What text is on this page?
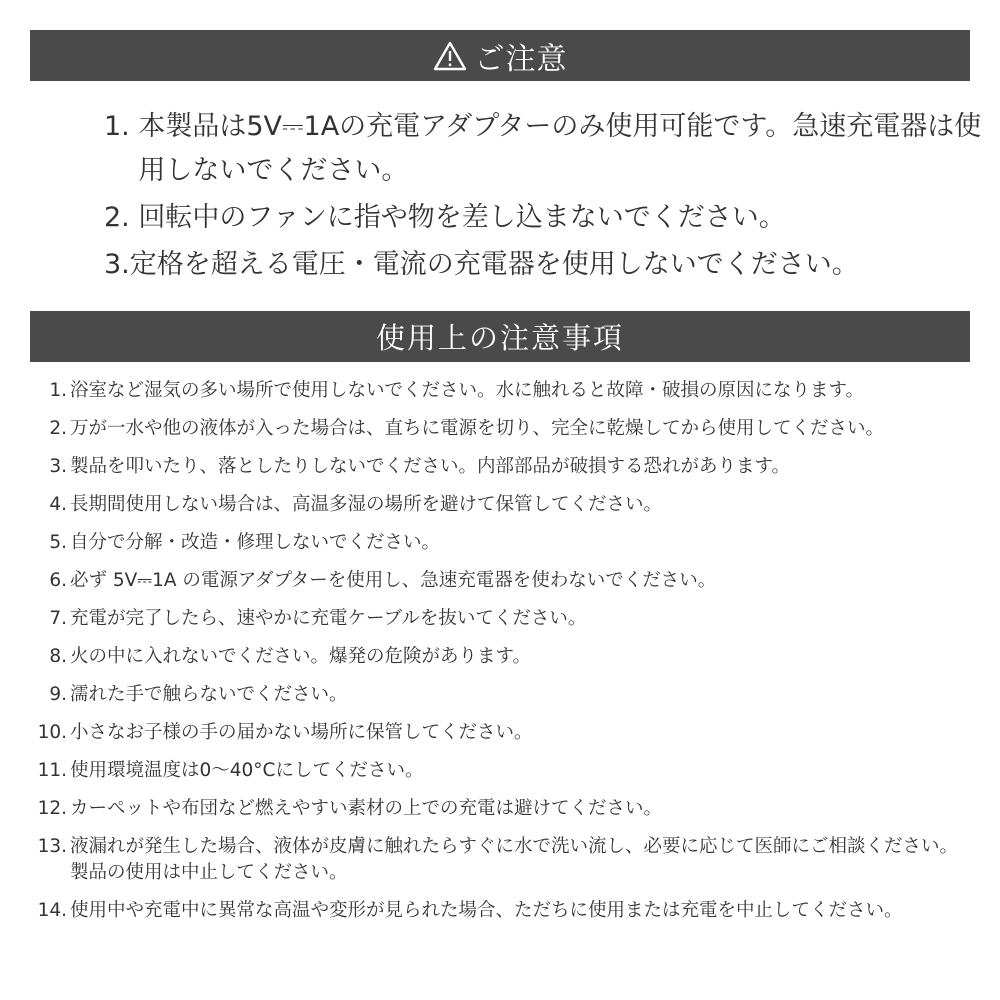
ご注意
1. 本製品は5V⎓1Aの充電アダプターのみ使用可能です。急速充電器は使用しないでください。
2. 回転中のファンに指や物を差し込まないでください。
3. 定格を超える電圧・電流の充電器を使用しないでください。
使用上の注意事項
1. 浴室など湿気の多い場所で使用しないでください。水に触れると故障・破損の原因になります。
2. 万が一水や他の液体が入った場合は、直ちに電源を切り、完全に乾燥してから使用してください。
3. 製品を叩いたり、落としたりしないでください。内部部品が破損する恐れがあります。
4. 長期間使用しない場合は、高温多湿の場所を避けて保管してください。
5. 自分で分解・改造・修理しないでください。
6. 必ず 5V⎓1A の電源アダプターを使用し、急速充電器を使わないでください。
7. 充電が完了したら、速やかに充電ケーブルを抜いてください。
8. 火の中に入れないでください。爆発の危険があります。
9. 濡れた手で触らないでください。
10. 小さなお子様の手の届かない場所に保管してください。
11. 使用環境温度は0〜40°Cにしてください。
12. カーペットや布団など燃えやすい素材の上での充電は避けてください。
13. 液漏れが発生した場合、液体が皮膚に触れたらすぐに水で洗い流し、必要に応じて医師にご相談ください。製品の使用は中止してください。
14. 使用中や充電中に異常な高温や変形が見られた場合、ただちに使用または充電を中止してください。
